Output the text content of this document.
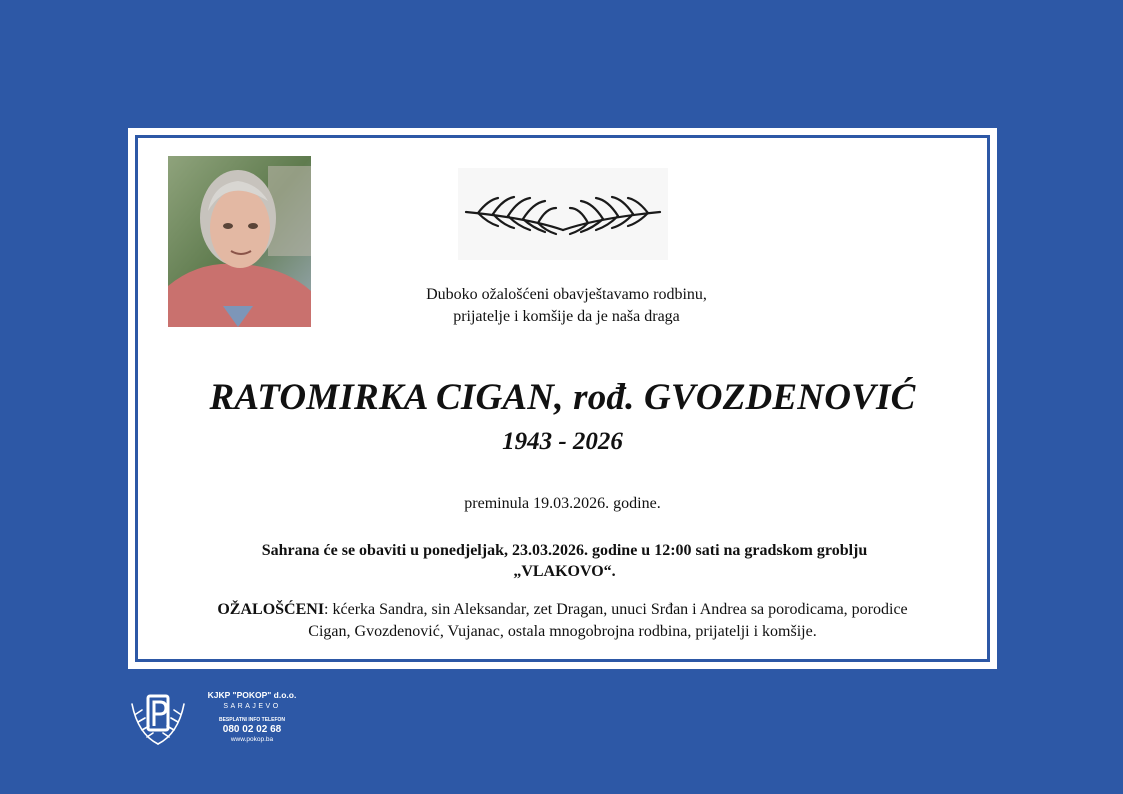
Duboko ožalošćeni obavještavamo rodbinu,
prijatelje i komšije da je naša draga
RATOMIRKA CIGAN, rođ. GVOZDENOVIĆ
1943 - 2026
preminula 19.03.2026. godine.
Sahrana će se obaviti u ponedjeljak, 23.03.2026. godine u 12:00 sati na gradskom groblju
„VLAKOVO“.
OŽALOŠĆENI: kćerka Sandra, sin Aleksandar, zet Dragan, unuci Srđan i Andrea sa porodicama, porodice
Cigan, Gvozdenović, Vujanac, ostala mnogobrojna rodbina, prijatelji i komšije.
KJKP "POKOP" d.o.o.
SARAJEVO
BESPLATNI INFO TELEFON
080 02 02 68
www.pokop.ba
